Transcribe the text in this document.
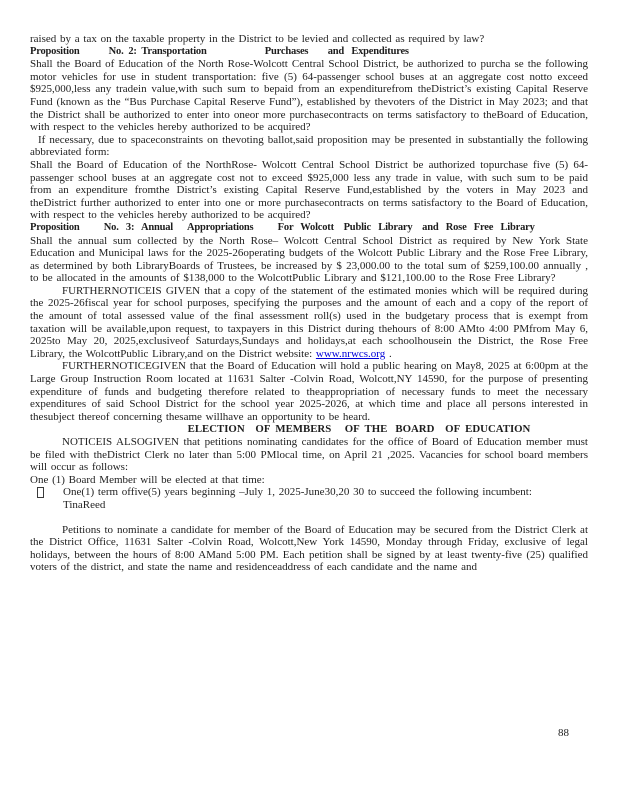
raised by a tax on the taxable property in the District to be levied and collected as required by law?

Proposition            No.  2:  Transportation                        Purchases        and   Expenditures

Shall the Board of Education of the North Rose-Wolcott Central School District, be authorized to purcha se the following motor vehicles for use in student transportation: five (5) 64-passenger school buses at an aggregate cost notto exceed $925,000,less any tradein value,with such sum to bepaid from an expenditurefrom theDistrict’s existing Capital Reserve Fund (known as the “Bus Purchase Capital Reserve Fund”), established by thevoters of the District in May 2023; and that the District shall be authorized to enter into oneor more purchasecontracts on terms satisfactory to theBoard of Education, with respect to the vehicles hereby authorized to be acquired?

If necessary, due to spaceconstraints on thevoting ballot,said proposition may be presented in substantially the following abbreviated form:

Shall the Board of Education of the NorthRose- Wolcott Central School District be authorized topurchase five (5) 64-passenger school buses at an aggregate cost not to exceed $925,000 less any trade in value, with such sum to be paid from an expenditure fromthe District’s existing Capital Reserve Fund,established by the voters in May 2023 and theDistrict further authorized to enter into one or more purchasecontracts on terms satisfactory to the Board of Education, with respect to the vehicles hereby authorized to be acquired?

Proposition          No.   3:   Annual      Appropriations          For   Wolcott    Public   Library    and   Rose   Free   Library

Shall the annual sum collected by the North Rose– Wolcott Central School District as required by New York State Education and Municipal laws for the 2025-26operating budgets of the Wolcott Public Library and the Rose Free Library, as determined by both LibraryBoards of Trustees, be increased by $ 23,000.00 to the total sum of $259,100.00 annually , to be allocated in the amounts of $138,000 to the WolcottPublic Library and $121,100.00 to the Rose Free Library?

FURTHERNOTICEIS GIVEN that a copy of the statement of the estimated monies which will be required during the 2025-26fiscal year for school purposes, specifying the purposes and the amount of each and a copy of the report of the amount of total assessed value of the final assessment roll(s) used in the budgetary process that is exempt from taxation will be available,upon request, to taxpayers in this District during thehours of 8:00 AMto 4:00 PMfrom May 6, 2025to May 20, 2025,exclusiveof Saturdays,Sundays and holidays,at each schoolhousein the District, the Rose Free Library, the WolcottPublic Library,and on the District website: www.nrwcs.org .

FURTHERNOTICEGIVEN that the Board of Education will hold a public hearing on May8, 2025 at 6:00pm at the Large Group Instruction Room located at 11631 Salter -Colvin Road, Wolcott,NY 14590, for the purpose of presenting expenditure of funds and budgeting therefore related to theappropriation of necessary funds to meet the necessary expenditures of said School District for the school year 2025-2026, at which time and place all persons interested in thesubject thereof concerning thesame willhave an opportunity to be heard.

ELECTION    OF  MEMBERS     OF  THE   BOARD    OF  EDUCATION

NOTICEIS ALSOGIVEN that petitions nominating candidates for the office of Board of Education member must be filed with theDistrict Clerk no later than 5:00 PMlocal time, on April 21 ,2025. Vacancies for school board members will occur as follows:

One (1) Board Member will be elected at that time:

One(1) term offive(5) years beginning –July 1, 2025-June30,20 30 to succeed the following incumbent:
TinaReed

Petitions to nominate a candidate for member of the Board of Education may be secured from the District Clerk at the District Office, 11631 Salter -Colvin Road, Wolcott,New York 14590, Monday through Friday, exclusive of legal holidays, between the hours of 8:00 AMand 5:00 PM. Each petition shall be signed by at least twenty-five (25) qualified voters of the district, and state the name and residenceaddress of each candidate and the name and

88
